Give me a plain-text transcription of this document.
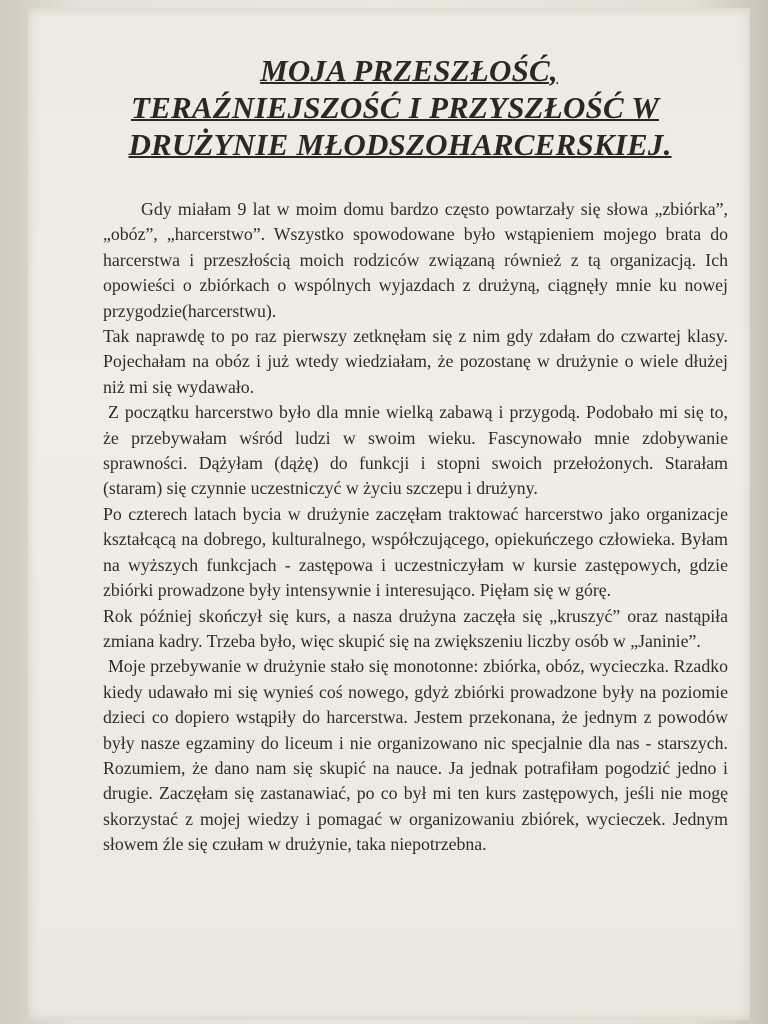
MOJA PRZESZŁOŚĆ,
TERAŹNIEJSZOŚĆ I PRZYSZŁOŚĆ W
DRUŻYNIE MŁODSZOHARCERSKIEJ.

Gdy miałam 9 lat w moim domu bardzo często powtarzały się słowa „zbiórka”, „obóz”, „harcerstwo”. Wszystko spowodowane było wstąpieniem mojego brata do harcerstwa i przeszłością moich rodziców związaną również z tą organizacją. Ich opowieści o zbiórkach o wspólnych wyjazdach z drużyną, ciągnęły mnie ku nowej przygodzie(harcerstwu).

Tak naprawdę to po raz pierwszy zetknęłam się z nim gdy zdałam do czwartej klasy. Pojechałam na obóz i już wtedy wiedziałam, że pozostanę w drużynie o wiele dłużej niż mi się wydawało.

Z początku harcerstwo było dla mnie wielką zabawą i przygodą. Podobało mi się to, że przebywałam wśród ludzi w swoim wieku. Fascynowało mnie zdobywanie sprawności. Dążyłam (dążę) do funkcji i stopni swoich przełożonych. Starałam (staram) się czynnie uczestniczyć w życiu szczepu i drużyny.

Po czterech latach bycia w drużynie zaczęłam traktować harcerstwo jako organizacje kształcącą na dobrego, kulturalnego, współczującego, opiekuńczego człowieka. Byłam na wyższych funkcjach - zastępowa i uczestniczyłam w kursie zastępowych, gdzie zbiórki prowadzone były intensywnie i interesująco. Pięłam się w górę.

Rok później skończył się kurs, a nasza drużyna zaczęła się „kruszyć” oraz nastąpiła zmiana kadry. Trzeba było, więc skupić się na zwiększeniu liczby osób w „Janinie”.

Moje przebywanie w drużynie stało się monotonne: zbiórka, obóz, wycieczka. Rzadko kiedy udawało mi się wynieś coś nowego, gdyż zbiórki prowadzone były na poziomie dzieci co dopiero wstąpiły do harcerstwa. Jestem przekonana, że jednym z powodów były nasze egzaminy do liceum i nie organizowano nic specjalnie dla nas - starszych. Rozumiem, że dano nam się skupić na nauce. Ja jednak potrafiłam pogodzić jedno i drugie. Zaczęłam się zastanawiać, po co był mi ten kurs zastępowych, jeśli nie mogę skorzystać z mojej wiedzy i pomagać w organizowaniu zbiórek, wycieczek. Jednym słowem źle się czułam w drużynie, taka niepotrzebna.
